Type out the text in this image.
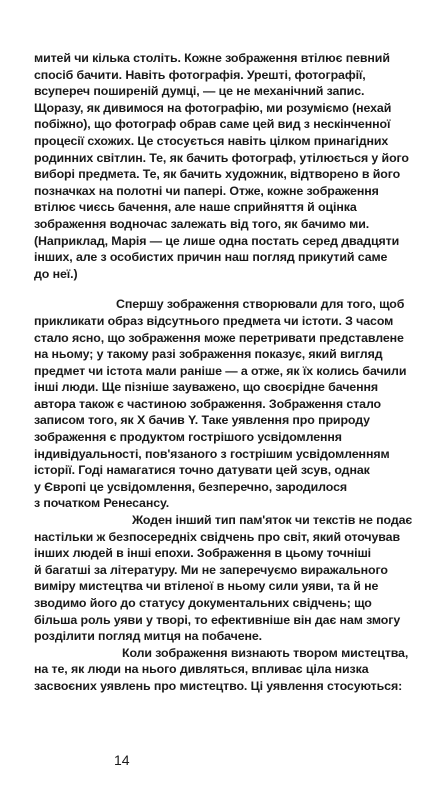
митей чи кілька століть. Кожне зображення втілює певний
спосіб бачити. Навіть фотографія. Урешті, фотографії,
всупереч поширеній думці, — це не механічний запис.
Щоразу, як дивимося на фотографію, ми розуміємо (нехай
побіжно), що фотограф обрав саме цей вид з нескінченної
процесії схожих. Це стосується навіть цілком принагідних
родинних світлин. Те, як бачить фотограф, утілюється у його
виборі предмета. Те, як бачить художник, відтворено в його
позначках на полотні чи папері. Отже, кожне зображення
втілює чиєсь бачення, але наше сприйняття й оцінка
зображення водночас залежать від того, як бачимо ми.
(Наприклад, Марія — це лише одна постать серед двадцяти
інших, але з особистих причин наш погляд прикутий саме
до неї.)
Спершу зображення створювали для того, щоб
прикликати образ відсутнього предмета чи істоти. З часом
стало ясно, що зображення може перетривати представлене
на ньому; у такому разі зображення показує, який вигляд
предмет чи істота мали раніше — а отже, як їх колись бачили
інші люди. Ще пізніше зауважено, що своєрідне бачення
автора також є частиною зображення. Зображення стало
записом того, як X бачив Y. Таке уявлення про природу
зображення є продуктом гострішого усвідомлення
індивідуальності, пов'язаного з гострішим усвідомленням
історії. Годі намагатися точно датувати цей зсув, однак
у Європі це усвідомлення, безперечно, зародилося
з початком Ренесансу.
Жоден інший тип пам'яток чи текстів не подає
настільки ж безпосередніх свідчень про світ, який оточував
інших людей в інші епохи. Зображення в цьому точніші
й багатші за літературу. Ми не заперечуємо виражального
виміру мистецтва чи втіленої в ньому сили уяви, та й не
зводимо його до статусу документальних свідчень; що
більша роль уяви у творі, то ефективніше він дає нам змогу
розділити погляд митця на побачене.
Коли зображення визнають твором мистецтва,
на те, як люди на нього дивляться, впливає ціла низка
засвоєних уявлень про мистецтво. Ці уявлення стосуються:
14
